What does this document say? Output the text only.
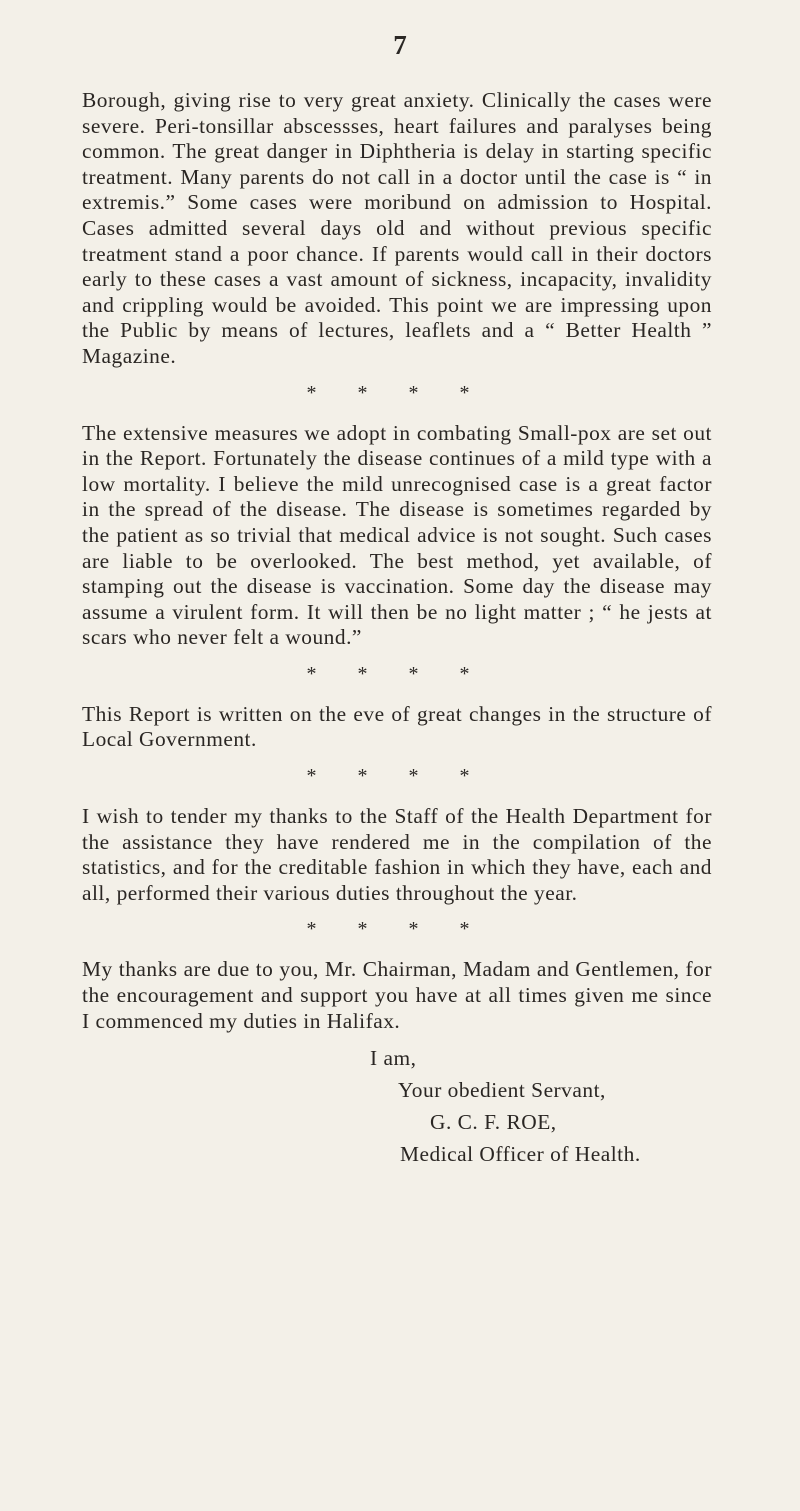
7

Borough, giving rise to very great anxiety. Clinically the cases were severe. Peri-tonsillar abscessses, heart failures and paralyses being common. The great danger in Diphtheria is delay in starting specific treatment. Many parents do not call in a doctor until the case is “ in extremis.” Some cases were moribund on admission to Hospital. Cases admitted several days old and without previous specific treatment stand a poor chance. If parents would call in their doctors early to these cases a vast amount of sickness, incapacity, invalidity and crippling would be avoided. This point we are impressing upon the Public by means of lectures, leaflets and a “ Better Health ” Magazine.

* * * *

The extensive measures we adopt in combating Small-pox are set out in the Report. Fortunately the disease continues of a mild type with a low mortality. I believe the mild unrecognised case is a great factor in the spread of the disease. The disease is sometimes regarded by the patient as so trivial that medical advice is not sought. Such cases are liable to be overlooked. The best method, yet available, of stamping out the disease is vaccination. Some day the disease may assume a virulent form. It will then be no light matter ; “ he jests at scars who never felt a wound.”

* * * *

This Report is written on the eve of great changes in the structure of Local Government.

* * * *

I wish to tender my thanks to the Staff of the Health Department for the assistance they have rendered me in the compilation of the statistics, and for the creditable fashion in which they have, each and all, performed their various duties throughout the year.

* * * *

My thanks are due to you, Mr. Chairman, Madam and Gentlemen, for the encouragement and support you have at all times given me since I commenced my duties in Halifax.

I am,
Your obedient Servant,
G. C. F. ROE,
Medical Officer of Health.
